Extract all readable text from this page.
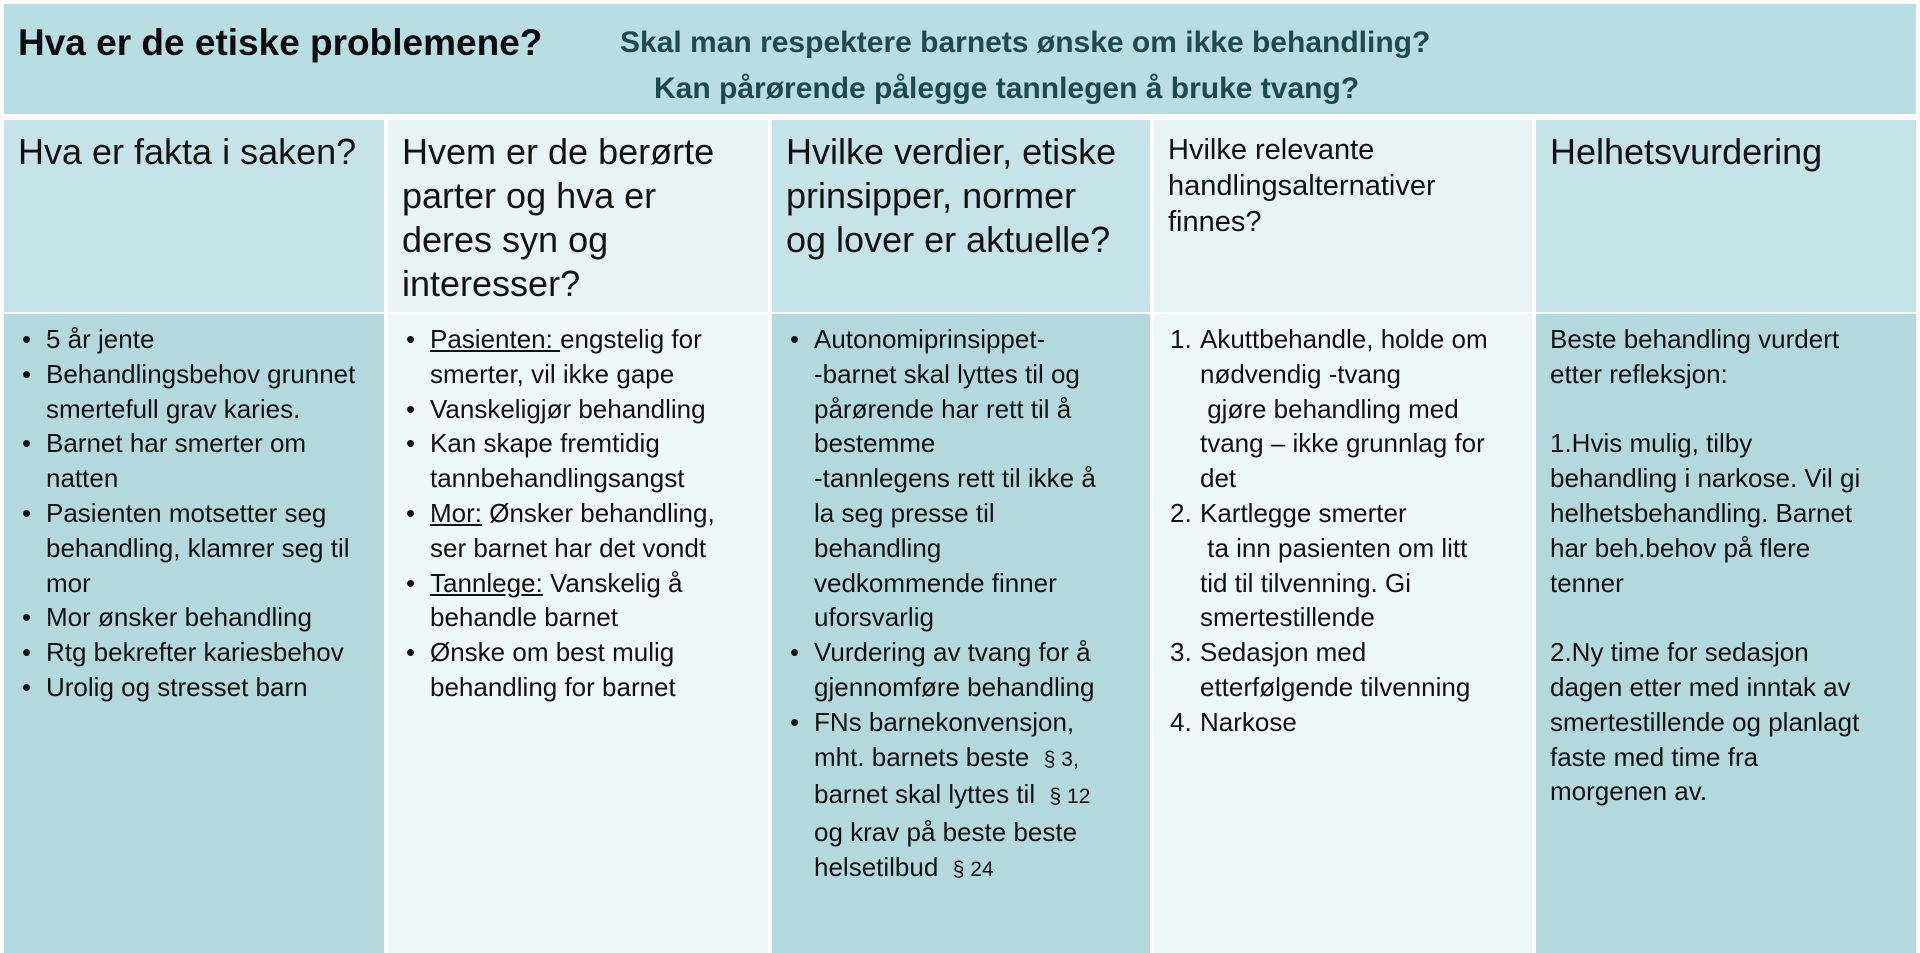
Hva er de etiske problemene?	Skal man respektere barnets ønske om ikke behandling?
Kan pårørende pålegge tannlegen å bruke tvang?
Hva er fakta i saken?
• 5 år jente
• Behandlingsbehov grunnet smertefull grav karies.
• Barnet har smerter om natten
• Pasienten motsetter seg behandling, klamrer seg til mor
• Mor ønsker behandling
• Rtg bekrefter kariesbehov
• Urolig og stresset barn
Hvem er de berørte
parter og hva er
deres syn og
interesser?
• Pasienten: engstelig for smerter, vil ikke gape
• Vanskeligjør behandling
• Kan skape fremtidig tannbehandlingsangst
• Mor: Ønsker behandling, ser barnet har det vondt
• Tannlege: Vanskelig å behandle barnet
• Ønske om best mulig behandling for barnet
Hvilke verdier, etiske
prinsipper, normer
og lover er aktuelle?
• Autonomiprinsippet-
-barnet skal lyttes til og
pårørende har rett til å
bestemme
-tannlegens rett til ikke å
la seg presse til
behandling
vedkommende finner
uforsvarlig
• Vurdering av tvang for å
gjennomføre behandling
• FNs barnekonvensjon,
mht. barnets beste § 3,
barnet skal lyttes til § 12
og krav på beste beste
helsetilbud § 24
Hvilke relevante
handlingsalternativer
finnes?
1. Akuttbehandle, holde om
nødvendig -tvang
gjøre behandling med
tvang – ikke grunnlag for
det
2. Kartlegge smerter
ta inn pasienten om litt
tid til tilvenning. Gi
smertestillende
3. Sedasjon med
etterfølgende tilvenning
4. Narkose
Helhetsvurdering

Beste behandling vurdert
etter refleksjon:

1.Hvis mulig, tilby
behandling i narkose. Vil gi
helhetsbehandling. Barnet
har beh.behov på flere
tenner

2.Ny time for sedasjon
dagen etter med inntak av
smertestillende og planlagt
faste med time fra
morgenen av.
